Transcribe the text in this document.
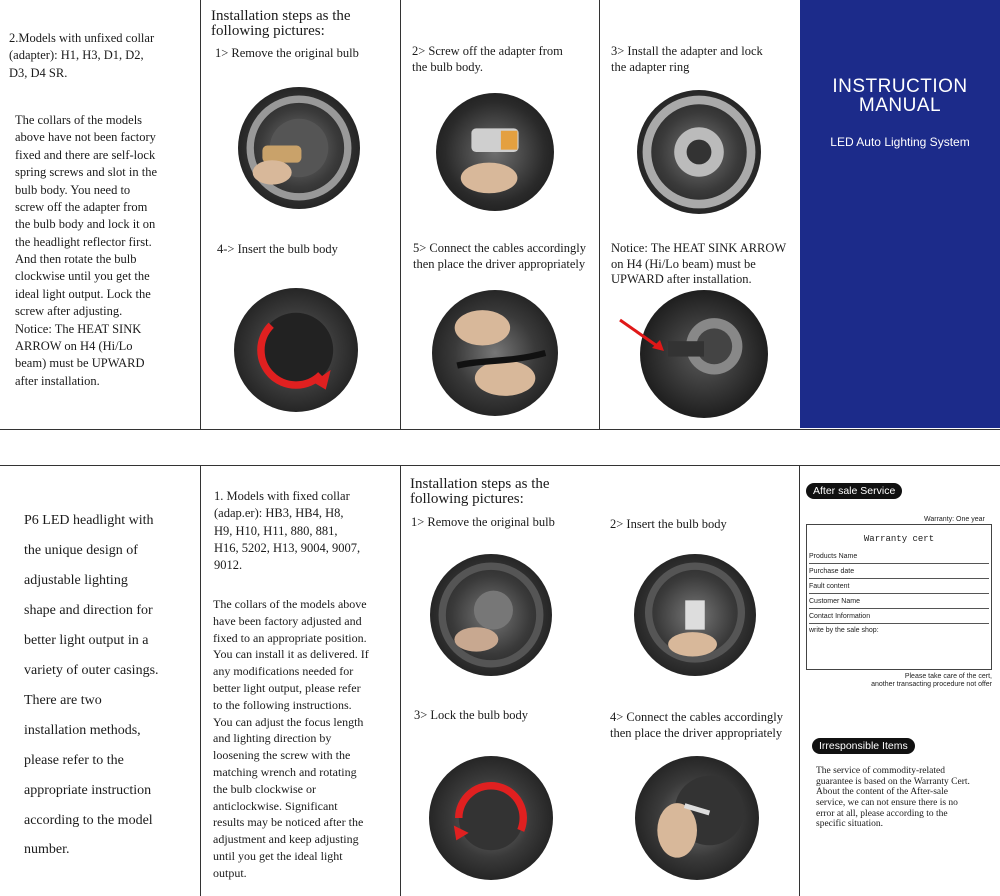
2.Models with unfixed collar
(adapter): H1, H3, D1, D2,
D3, D4 SR.
The collars of the models
above have not been factory
fixed and there are self-lock
spring screws and slot in the
bulb body. You need to
screw off the adapter from
the bulb body and lock it on
the headlight reflector first.
And then rotate the bulb
clockwise until you get the
ideal light output. Lock the
screw after adjusting.
Notice: The HEAT SINK
ARROW on H4 (Hi/Lo
beam) must be UPWARD
after installation.
Installation steps as the
following pictures:
1> Remove the original bulb	2> Screw off the adapter from
the bulb body.
3> Install the adapter and lock
the adapter ring
4-> Insert the bulb body	5> Connect the cables accordingly
then place the driver appropriately
Notice: The HEAT SINK ARROW
on H4 (Hi/Lo beam) must be
UPWARD after installation.
INSTRUCTION
MANUAL
LED Auto Lighting System
P6 LED headlight with
the unique design of
adjustable lighting
shape and direction for
better light output in a
variety of outer casings.
There are two
installation methods,
please refer to the
appropriate instruction
according to the model
number.
1. Models with fixed collar
(adap.er): HB3, HB4, H8,
H9, H10, H11, 880, 881,
H16, 5202, H13, 9004, 9007,
9012.
The collars of the models above
have been factory adjusted and
fixed to an appropriate position.
You can install it as delivered. If
any modifications needed for
better light output, please refer
to the following instructions.
You can adjust the focus length
and lighting direction by
loosening the screw with the
matching wrench and rotating
the bulb clockwise or
anticlockwise. Significant
results may be noticed after the
adjustment and keep adjusting
until you get the ideal light
output.
Installation steps as the
following pictures:
1> Remove the original bulb	2> Insert the bulb body
3> Lock the bulb body	4> Connect the cables accordingly
then place the driver appropriately
After sale Service
Warranty: One year
Warranty cert
Products Name
Purchase date
Fault content
Customer Name
Contact Information
write by the sale shop:
Please take care of the cert,
another transacting procedure not offer
Irresponsible Items
The service of commodity-related
guarantee is based on the Warranty Cert.
About the content of the After-sale
service, we can not ensure there is no
error at all, please according to the
specific situation.
